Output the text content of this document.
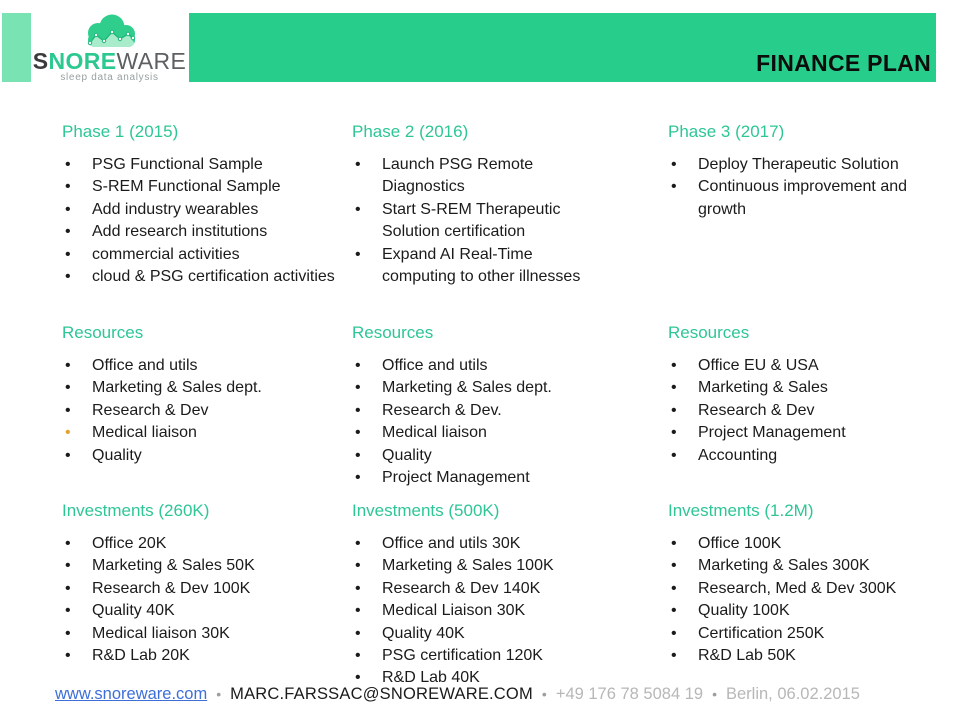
SNOREWARE
sleep data analysis
FINANCE PLAN
Phase 1 (2015)
•
PSG Functional Sample
•
S-REM Functional Sample
•
Add industry wearables
•
Add research institutions
•
commercial activities
•
cloud & PSG certification activities
Resources
•
Office and utils
•
Marketing & Sales dept.
•
Research & Dev
•
Medical liaison
•
Quality
Investments (260K)
•
Office 20K
•
Marketing & Sales 50K
•
Research & Dev 100K
•
Quality 40K
•
Medical liaison 30K
•
R&D Lab 20K
Phase 2 (2016)
•
Launch PSG Remote Diagnostics
•
Start S-REM Therapeutic Solution certification
•
Expand AI Real-Time computing to other illnesses
Resources
•
Office and utils
•
Marketing & Sales dept.
•
Research & Dev.
•
Medical liaison
•
Quality
•
Project Management
Investments (500K)
•
Office and utils 30K
•
Marketing & Sales 100K
•
Research & Dev 140K
•
Medical Liaison 30K
•
Quality 40K
•
PSG certification 120K
•
R&D Lab 40K
Phase 3 (2017)
•
Deploy Therapeutic Solution
•
Continuous improvement and growth
Resources
•
Office EU & USA
•
Marketing & Sales
•
Research & Dev
•
Project Management
•
Accounting
Investments (1.2M)
•
Office 100K
•
Marketing & Sales 300K
•
Research, Med & Dev 300K
•
Quality 100K
•
Certification 250K
•
R&D Lab 50K
www.snoreware.com • MARC.FARSSAC@SNOREWARE.COM • +49 176 78 5084 19 • Berlin, 06.02.2015
